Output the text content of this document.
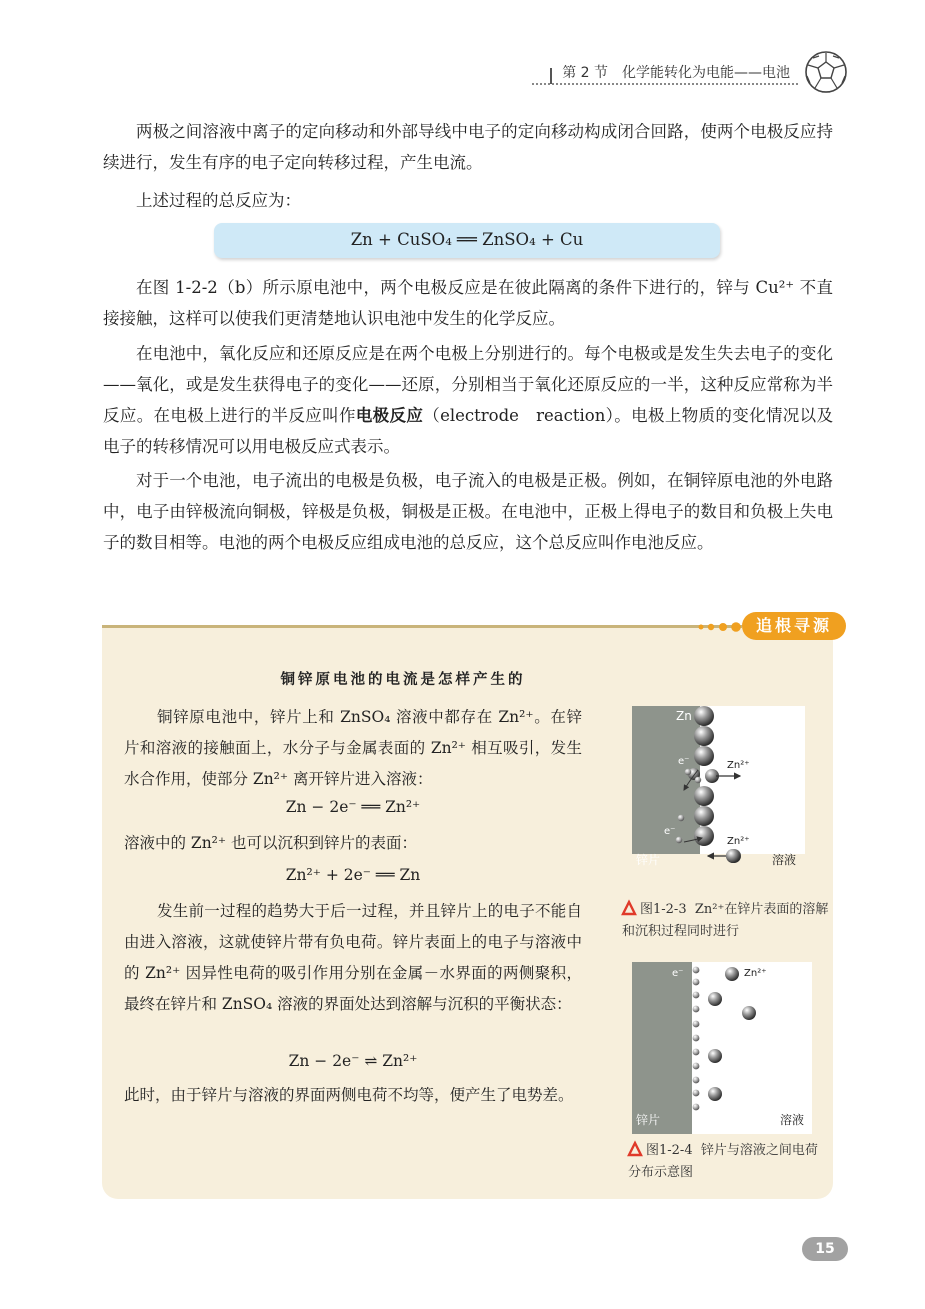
第 2 节　化学能转化为电能——电池
两极之间溶液中离子的定向移动和外部导线中电子的定向移动构成闭合回路，使两个电极反应持续进行，发生有序的电子定向转移过程，产生电流。
上述过程的总反应为：
Zn + CuSO₄ ══ ZnSO₄ + Cu
在图 1-2-2（b）所示原电池中，两个电极反应是在彼此隔离的条件下进行的，锌与 Cu²⁺ 不直接接触，这样可以使我们更清楚地认识电池中发生的化学反应。
在电池中，氧化反应和还原反应是在两个电极上分别进行的。每个电极或是发生失去电子的变化——氧化，或是发生获得电子的变化——还原，分别相当于氧化还原反应的一半，这种反应常称为半反应。在电极上进行的半反应叫作电极反应（electrode　reaction）。电极上物质的变化情况以及电子的转移情况可以用电极反应式表示。
对于一个电池，电子流出的电极是负极，电子流入的电极是正极。例如，在铜锌原电池的外电路中，电子由锌极流向铜极，锌极是负极，铜极是正极。在电池中，正极上得电子的数目和负极上失电子的数目相等。电池的两个电极反应组成电池的总反应，这个总反应叫作电池反应。
追根寻源
铜锌原电池的电流是怎样产生的
铜锌原电池中，锌片上和 ZnSO₄ 溶液中都存在 Zn²⁺。在锌片和溶液的接触面上，水分子与金属表面的 Zn²⁺ 相互吸引，发生水合作用，使部分 Zn²⁺ 离开锌片进入溶液：
Zn − 2e⁻ ══ Zn²⁺
溶液中的 Zn²⁺ 也可以沉积到锌片的表面：
Zn²⁺ + 2e⁻ ══ Zn
发生前一过程的趋势大于后一过程，并且锌片上的电子不能自由进入溶液，这就使锌片带有负电荷。锌片表面上的电子与溶液中的 Zn²⁺ 因异性电荷的吸引作用分别在金属－水界面的两侧聚积，最终在锌片和 ZnSO₄ 溶液的界面处达到溶解与沉积的平衡状态：
Zn − 2e⁻ ⇌ Zn²⁺
此时，由于锌片与溶液的界面两侧电荷不均等，便产生了电势差。
Zn
e⁻
e⁻
Zn²⁺
Zn²⁺
锌片	溶液
图1-2-3 Zn²⁺在锌片表面的溶解和沉积过程同时进行
e⁻	Zn²⁺
锌片	溶液
图1-2-4 锌片与溶液之间电荷分布示意图
15
